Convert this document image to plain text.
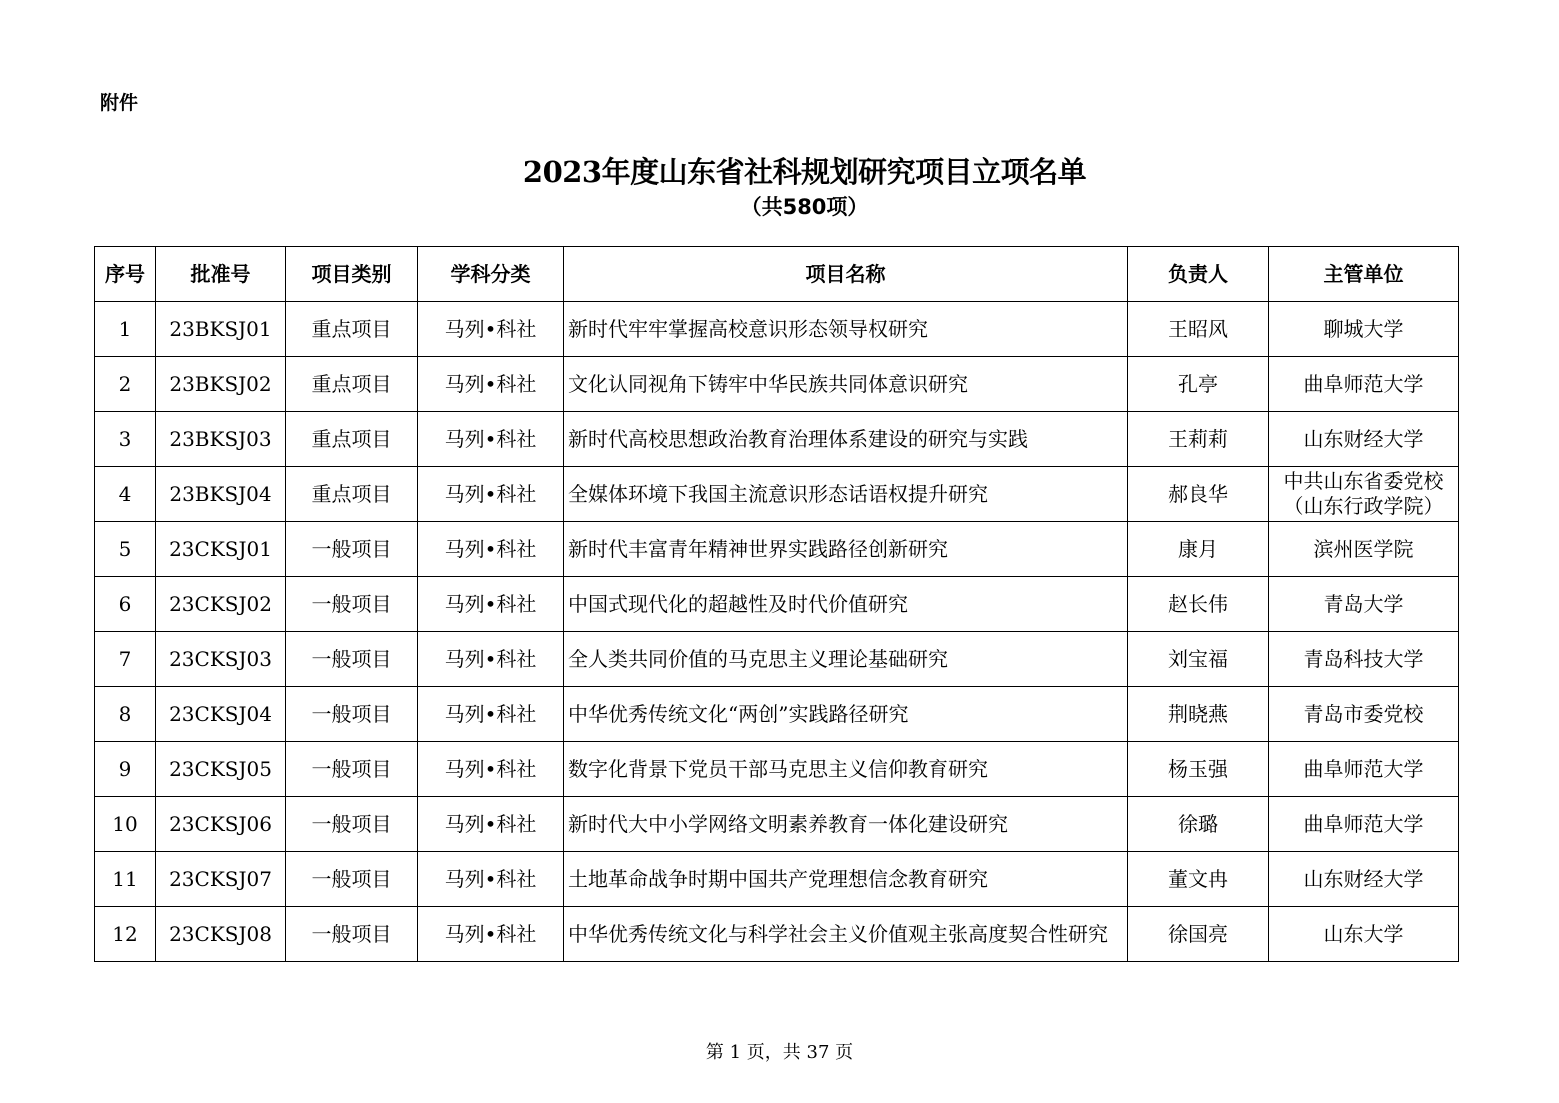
附件
2023年度山东省社科规划研究项目立项名单
（共580项）
序号	批准号	项目类别	学科分类	项目名称	负责人	主管单位
1	23BKSJ01	重点项目	马列•科社	新时代牢牢掌握高校意识形态领导权研究	王昭风	聊城大学
2	23BKSJ02	重点项目	马列•科社	文化认同视角下铸牢中华民族共同体意识研究	孔亭	曲阜师范大学
3	23BKSJ03	重点项目	马列•科社	新时代高校思想政治教育治理体系建设的研究与实践	王莉莉	山东财经大学
4	23BKSJ04	重点项目	马列•科社	全媒体环境下我国主流意识形态话语权提升研究	郝良华	中共山东省委党校（山东行政学院）
5	23CKSJ01	一般项目	马列•科社	新时代丰富青年精神世界实践路径创新研究	康月	滨州医学院
6	23CKSJ02	一般项目	马列•科社	中国式现代化的超越性及时代价值研究	赵长伟	青岛大学
7	23CKSJ03	一般项目	马列•科社	全人类共同价值的马克思主义理论基础研究	刘宝福	青岛科技大学
8	23CKSJ04	一般项目	马列•科社	中华优秀传统文化“两创”实践路径研究	荆晓燕	青岛市委党校
9	23CKSJ05	一般项目	马列•科社	数字化背景下党员干部马克思主义信仰教育研究	杨玉强	曲阜师范大学
10	23CKSJ06	一般项目	马列•科社	新时代大中小学网络文明素养教育一体化建设研究	徐璐	曲阜师范大学
11	23CKSJ07	一般项目	马列•科社	土地革命战争时期中国共产党理想信念教育研究	董文冉	山东财经大学
12	23CKSJ08	一般项目	马列•科社	中华优秀传统文化与科学社会主义价值观主张高度契合性研究	徐国亮	山东大学
第 1 页，共 37 页
